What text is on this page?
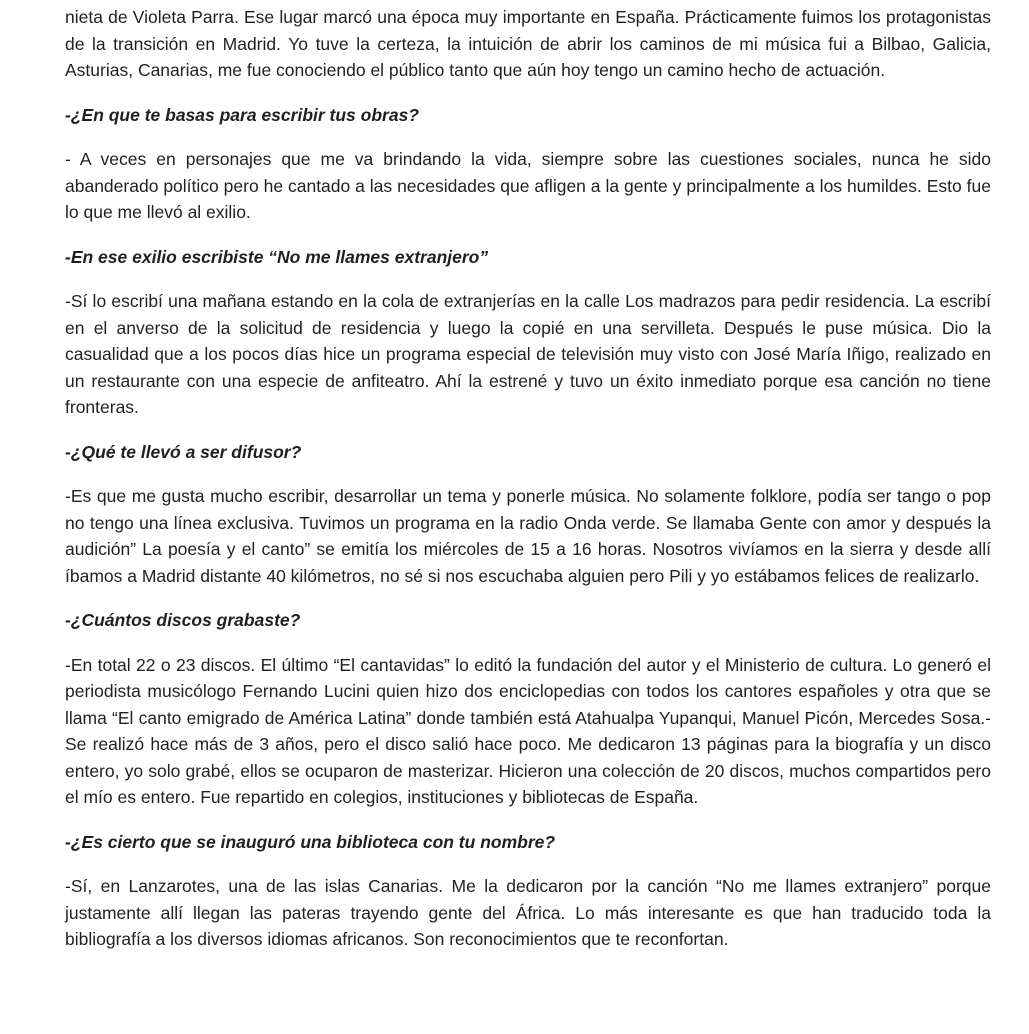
nieta de Violeta Parra. Ese lugar marcó una época muy importante en España. Prácticamente fuimos los protagonistas de la transición en Madrid. Yo tuve la certeza, la intuición de abrir los caminos de mi música fui a Bilbao, Galicia, Asturias, Canarias, me fue conociendo el público tanto que aún hoy tengo un camino hecho de actuación.

-¿En que te basas para escribir tus obras?

- A veces en personajes que me va brindando la vida, siempre sobre las cuestiones sociales, nunca he sido abanderado político pero he cantado a las necesidades que afligen a la gente y principalmente a los humildes. Esto fue lo que me llevó al exilio.

-En ese exilio escribiste “No me llames extranjero”

-Sí lo escribí una mañana estando en la cola de extranjerías en la calle Los madrazos para pedir residencia. La escribí en el anverso de la solicitud de residencia y luego la copié en una servilleta. Después le puse música. Dio la casualidad que a los pocos días hice un programa especial de televisión muy visto con José María Iñigo, realizado en un restaurante con una especie de anfiteatro. Ahí la estrené y tuvo un éxito inmediato porque esa canción no tiene fronteras.

-¿Qué te llevó a ser difusor?

-Es que me gusta mucho escribir, desarrollar un tema y ponerle música. No solamente folklore, podía ser tango o pop no tengo una línea exclusiva. Tuvimos un programa en la radio Onda verde. Se llamaba Gente con amor y después la audición” La poesía y el canto” se emitía los miércoles de 15 a 16 horas. Nosotros vivíamos en la sierra y desde allí íbamos a Madrid distante 40 kilómetros, no sé si nos escuchaba alguien pero Pili y yo estábamos felices de realizarlo.

-¿Cuántos discos grabaste?

-En total 22 o 23 discos. El último “El cantavidas” lo editó la fundación del autor y el Ministerio de cultura. Lo generó el periodista musicólogo Fernando Lucini quien hizo dos enciclopedias con todos los cantores españoles y otra que se llama “El canto emigrado de América Latina” donde también está Atahualpa Yupanqui, Manuel Picón, Mercedes Sosa.-Se realizó hace más de 3 años, pero el disco salió hace poco. Me dedicaron 13 páginas para la biografía y un disco entero, yo solo grabé, ellos se ocuparon de masterizar. Hicieron una colección de 20 discos, muchos compartidos pero el mío es entero. Fue repartido en colegios, instituciones y bibliotecas de España.

-¿Es cierto que se inauguró una biblioteca con tu nombre?

-Sí, en Lanzarotes, una de las islas Canarias. Me la dedicaron por la canción “No me llames extranjero” porque justamente allí llegan las pateras trayendo gente del África. Lo más interesante es que han traducido toda la bibliografía a los diversos idiomas africanos. Son reconocimientos que te reconfortan.
